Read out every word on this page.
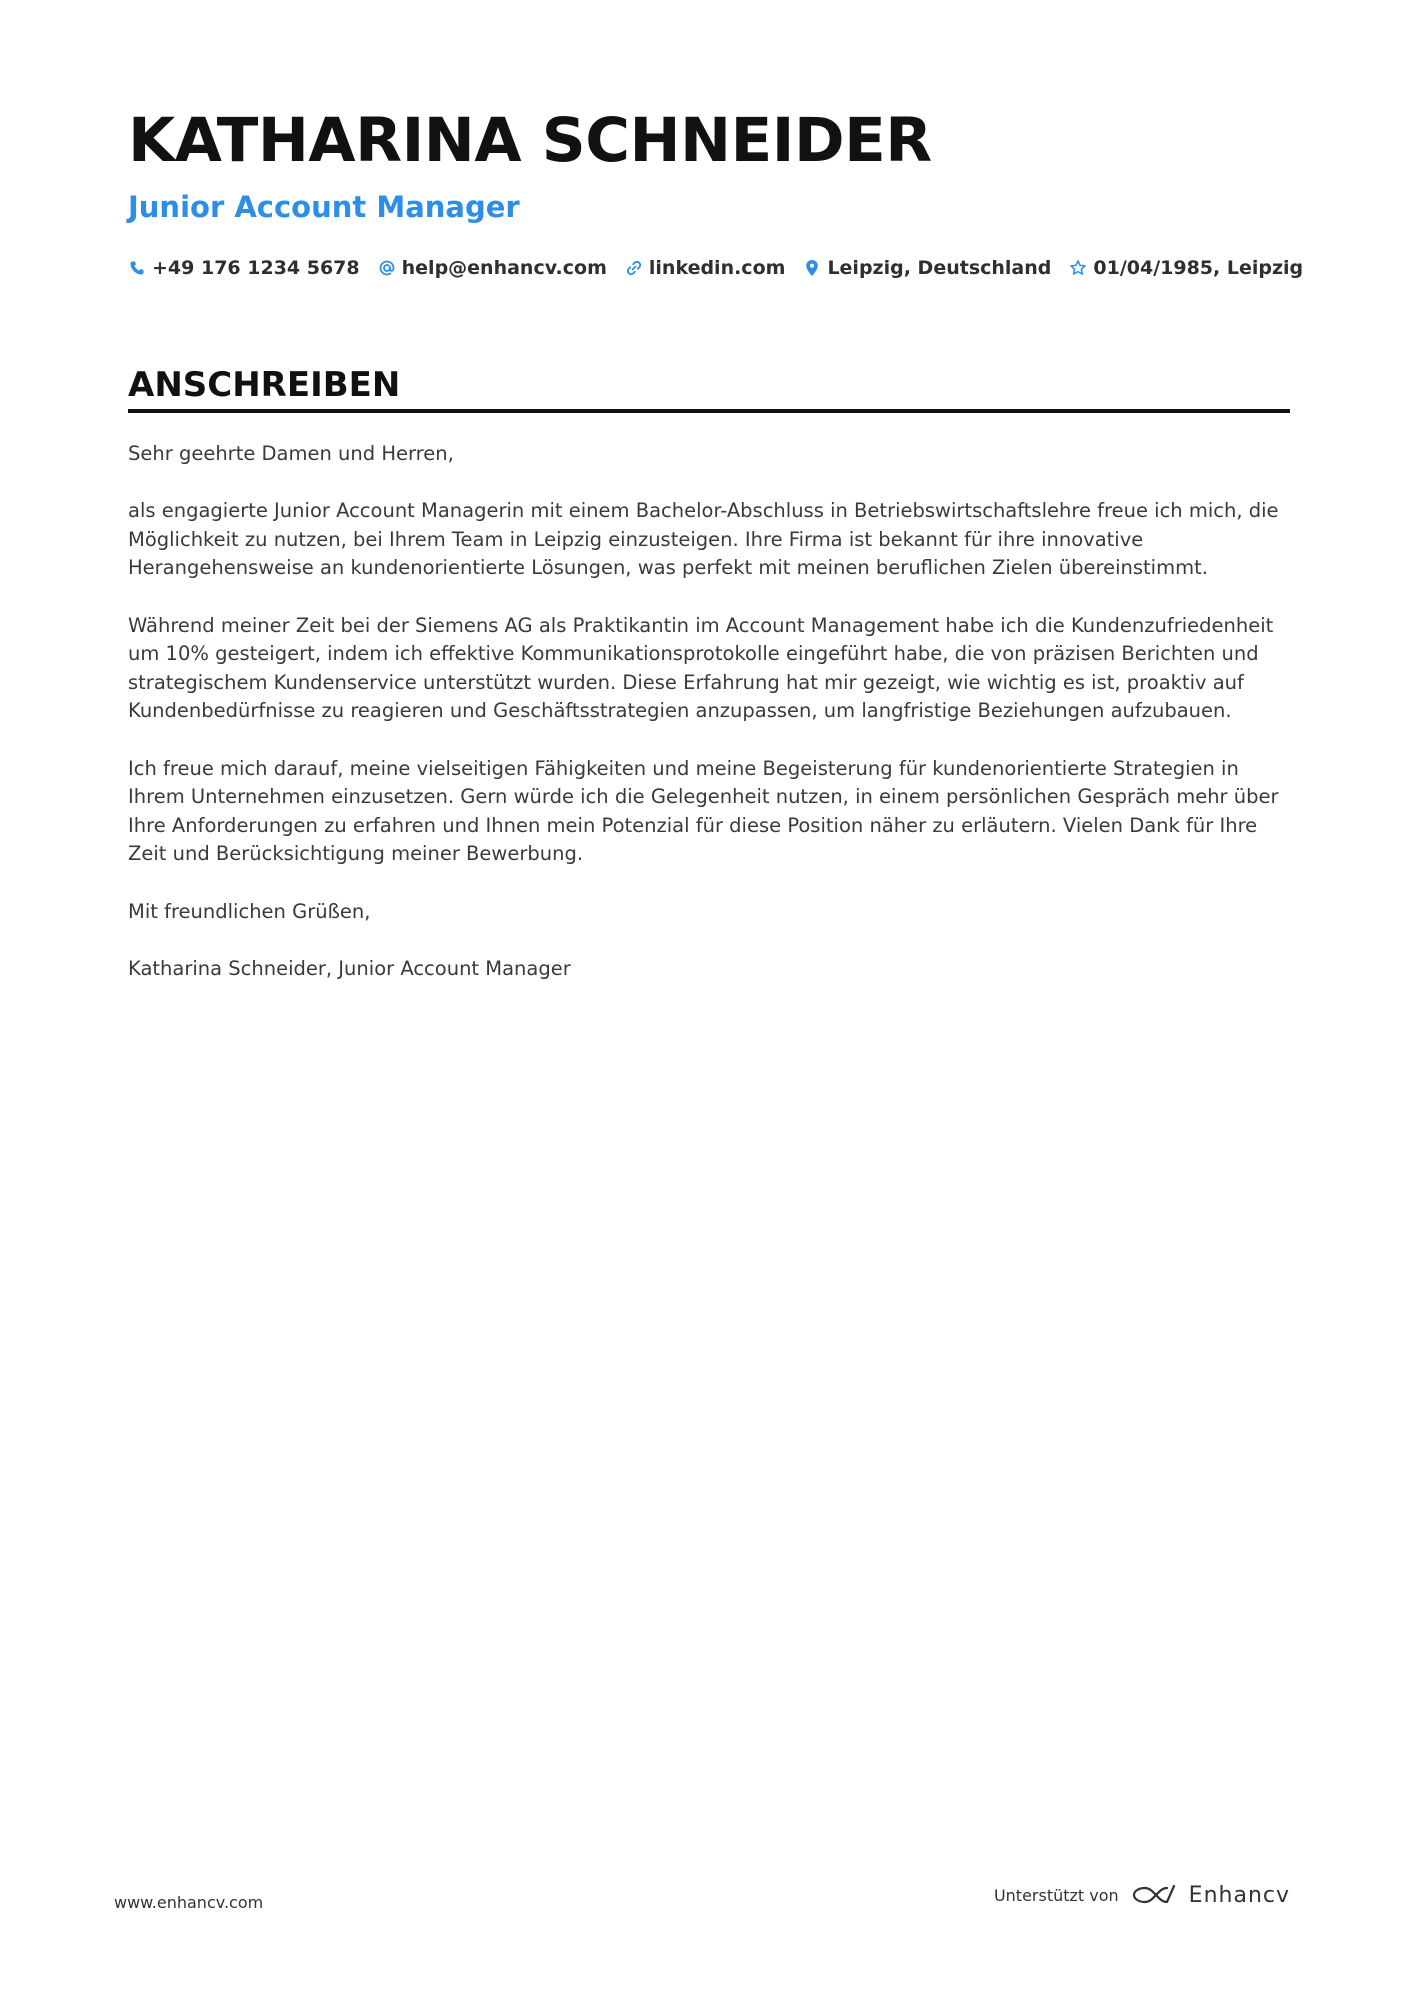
KATHARINA SCHNEIDER
Junior Account Manager
+49 176 1234 5678 help@enhancv.com linkedin.com Leipzig, Deutschland 01/04/1985, Leipzig
ANSCHREIBEN

Sehr geehrte Damen und Herren,

als engagierte Junior Account Managerin mit einem Bachelor-Abschluss in Betriebswirtschaftslehre freue ich mich, die Möglichkeit zu nutzen, bei Ihrem Team in Leipzig einzusteigen. Ihre Firma ist bekannt für ihre innovative Herangehensweise an kundenorientierte Lösungen, was perfekt mit meinen beruflichen Zielen übereinstimmt.

Während meiner Zeit bei der Siemens AG als Praktikantin im Account Management habe ich die Kundenzufriedenheit um 10% gesteigert, indem ich effektive Kommunikationsprotokolle eingeführt habe, die von präzisen Berichten und strategischem Kundenservice unterstützt wurden. Diese Erfahrung hat mir gezeigt, wie wichtig es ist, proaktiv auf Kundenbedürfnisse zu reagieren und Geschäftsstrategien anzupassen, um langfristige Beziehungen aufzubauen.

Ich freue mich darauf, meine vielseitigen Fähigkeiten und meine Begeisterung für kundenorientierte Strategien in Ihrem Unternehmen einzusetzen. Gern würde ich die Gelegenheit nutzen, in einem persönlichen Gespräch mehr über Ihre Anforderungen zu erfahren und Ihnen mein Potenzial für diese Position näher zu erläutern. Vielen Dank für Ihre Zeit und Berücksichtigung meiner Bewerbung.

Mit freundlichen Grüßen,

Katharina Schneider, Junior Account Manager

www.enhancv.com	Unterstützt von	Enhancv
